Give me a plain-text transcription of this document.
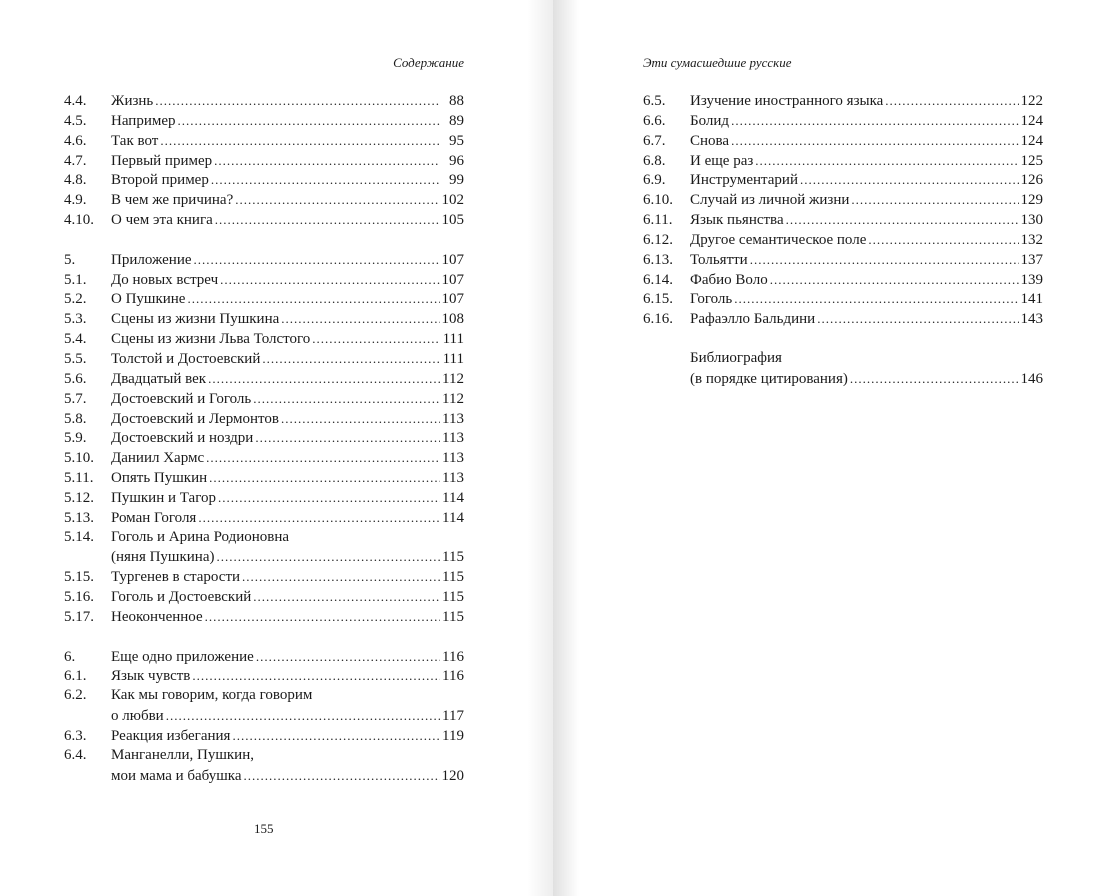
Содержание
4.4.	Жизнь .....	88
4.5.	Например .....	89
4.6.	Так вот .....	95
4.7.	Первый пример .....	96
4.8.	Второй пример .....	99
4.9.	В чем же причина? .....	102
4.10.	О чем эта книга .....	105
5.	Приложение .....	107
5.1.	До новых встреч .....	107
5.2.	О Пушкине .....	107
5.3.	Сцены из жизни Пушкина .....	108
5.4.	Сцены из жизни Льва Толстого .....	111
5.5.	Толстой и Достоевский .....	111
5.6.	Двадцатый век .....	112
5.7.	Достоевский и Гоголь .....	112
5.8.	Достоевский и Лермонтов .....	113
5.9.	Достоевский и ноздри .....	113
5.10.	Даниил Хармс .....	113
5.11.	Опять Пушкин .....	113
5.12.	Пушкин и Тагор .....	114
5.13.	Роман Гоголя .....	114
5.14.	Гоголь и Арина Родионовна
(няня Пушкина) .....	115
5.15.	Тургенев в старости .....	115
5.16.	Гоголь и Достоевский .....	115
5.17.	Неоконченное .....	115
6.	Еще одно приложение .....	116
6.1.	Язык чувств .....	116
6.2.	Как мы говорим, когда говорим
о любви .....	117
6.3.	Реакция избегания .....	119
6.4.	Манганелли, Пушкин,
мои мама и бабушка .....	120
155
Эти сумасшедшие русские
6.5.	Изучение иностранного языка .....	122
6.6.	Болид .....	124
6.7.	Снова .....	124
6.8.	И еще раз .....	125
6.9.	Инструментарий .....	126
6.10.	Случай из личной жизни .....	129
6.11.	Язык пьянства .....	130
6.12.	Другое семантическое поле .....	132
6.13.	Тольятти .....	137
6.14.	Фабио Воло .....	139
6.15.	Гоголь .....	141
6.16.	Рафаэлло Бальдини .....	143
Библиография
(в порядке цитирования) .....	146
